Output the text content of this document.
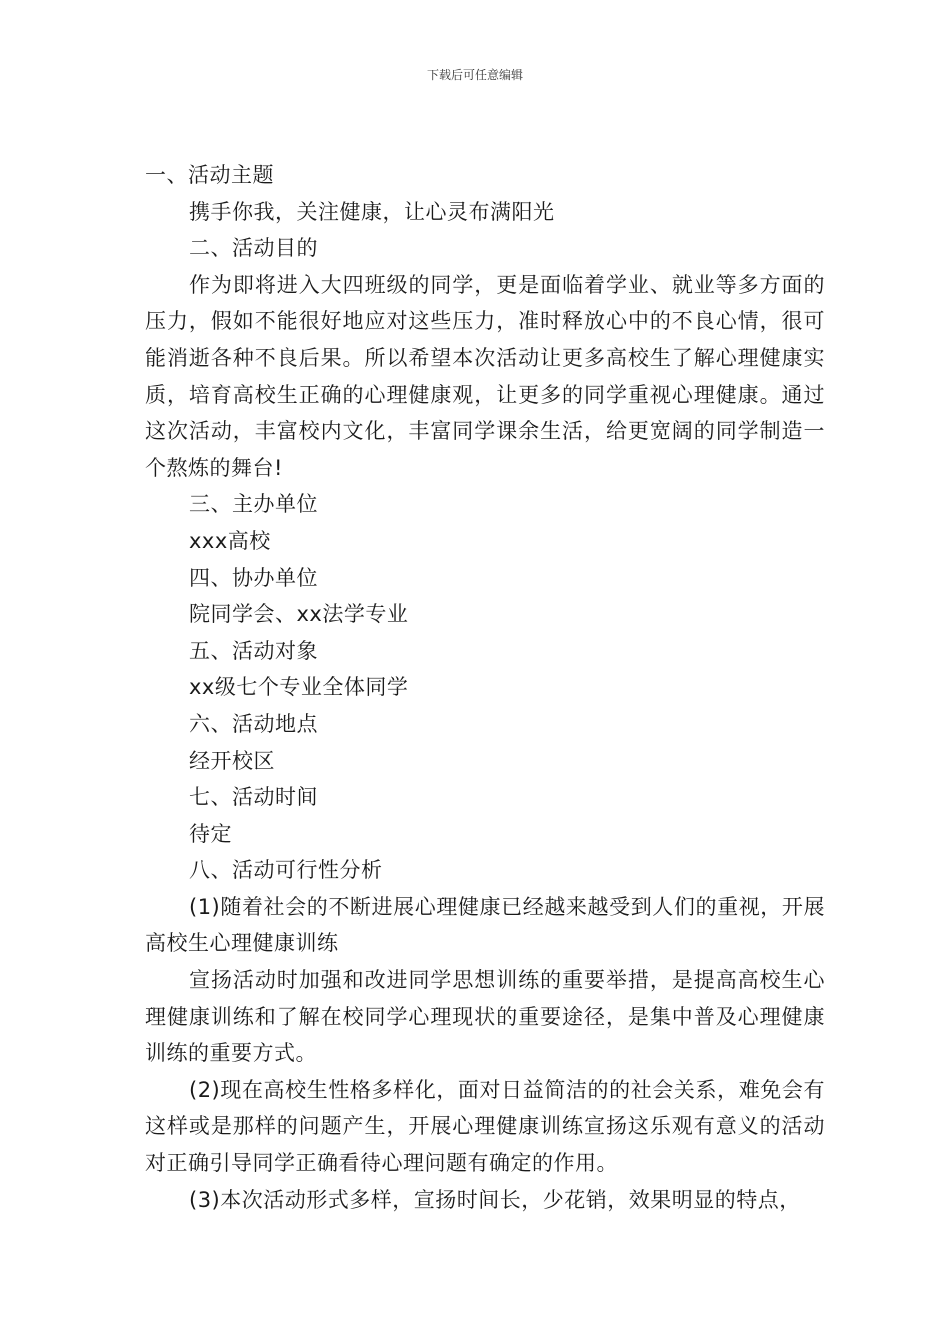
下载后可任意编辑

一、活动主题

携手你我，关注健康，让心灵布满阳光

二、活动目的

作为即将进入大四班级的同学，更是面临着学业、就业等多方面的压力，假如不能很好地应对这些压力，准时释放心中的不良心情，很可能消逝各种不良后果。所以希望本次活动让更多高校生了解心理健康实质，培育高校生正确的心理健康观，让更多的同学重视心理健康。通过这次活动，丰富校内文化，丰富同学课余生活，给更宽阔的同学制造一个熬炼的舞台!

三、主办单位

xxx高校

四、协办单位

院同学会、xx法学专业

五、活动对象

xx级七个专业全体同学

六、活动地点

经开校区

七、活动时间

待定

八、活动可行性分析

(1)随着社会的不断进展心理健康已经越来越受到人们的重视，开展高校生心理健康训练

宣扬活动时加强和改进同学思想训练的重要举措，是提高高校生心理健康训练和了解在校同学心理现状的重要途径，是集中普及心理健康训练的重要方式。

(2)现在高校生性格多样化，面对日益简洁的的社会关系，难免会有这样或是那样的问题产生，开展心理健康训练宣扬这乐观有意义的活动对正确引导同学正确看待心理问题有确定的作用。

(3)本次活动形式多样，宣扬时间长，少花销，效果明显的特点，
